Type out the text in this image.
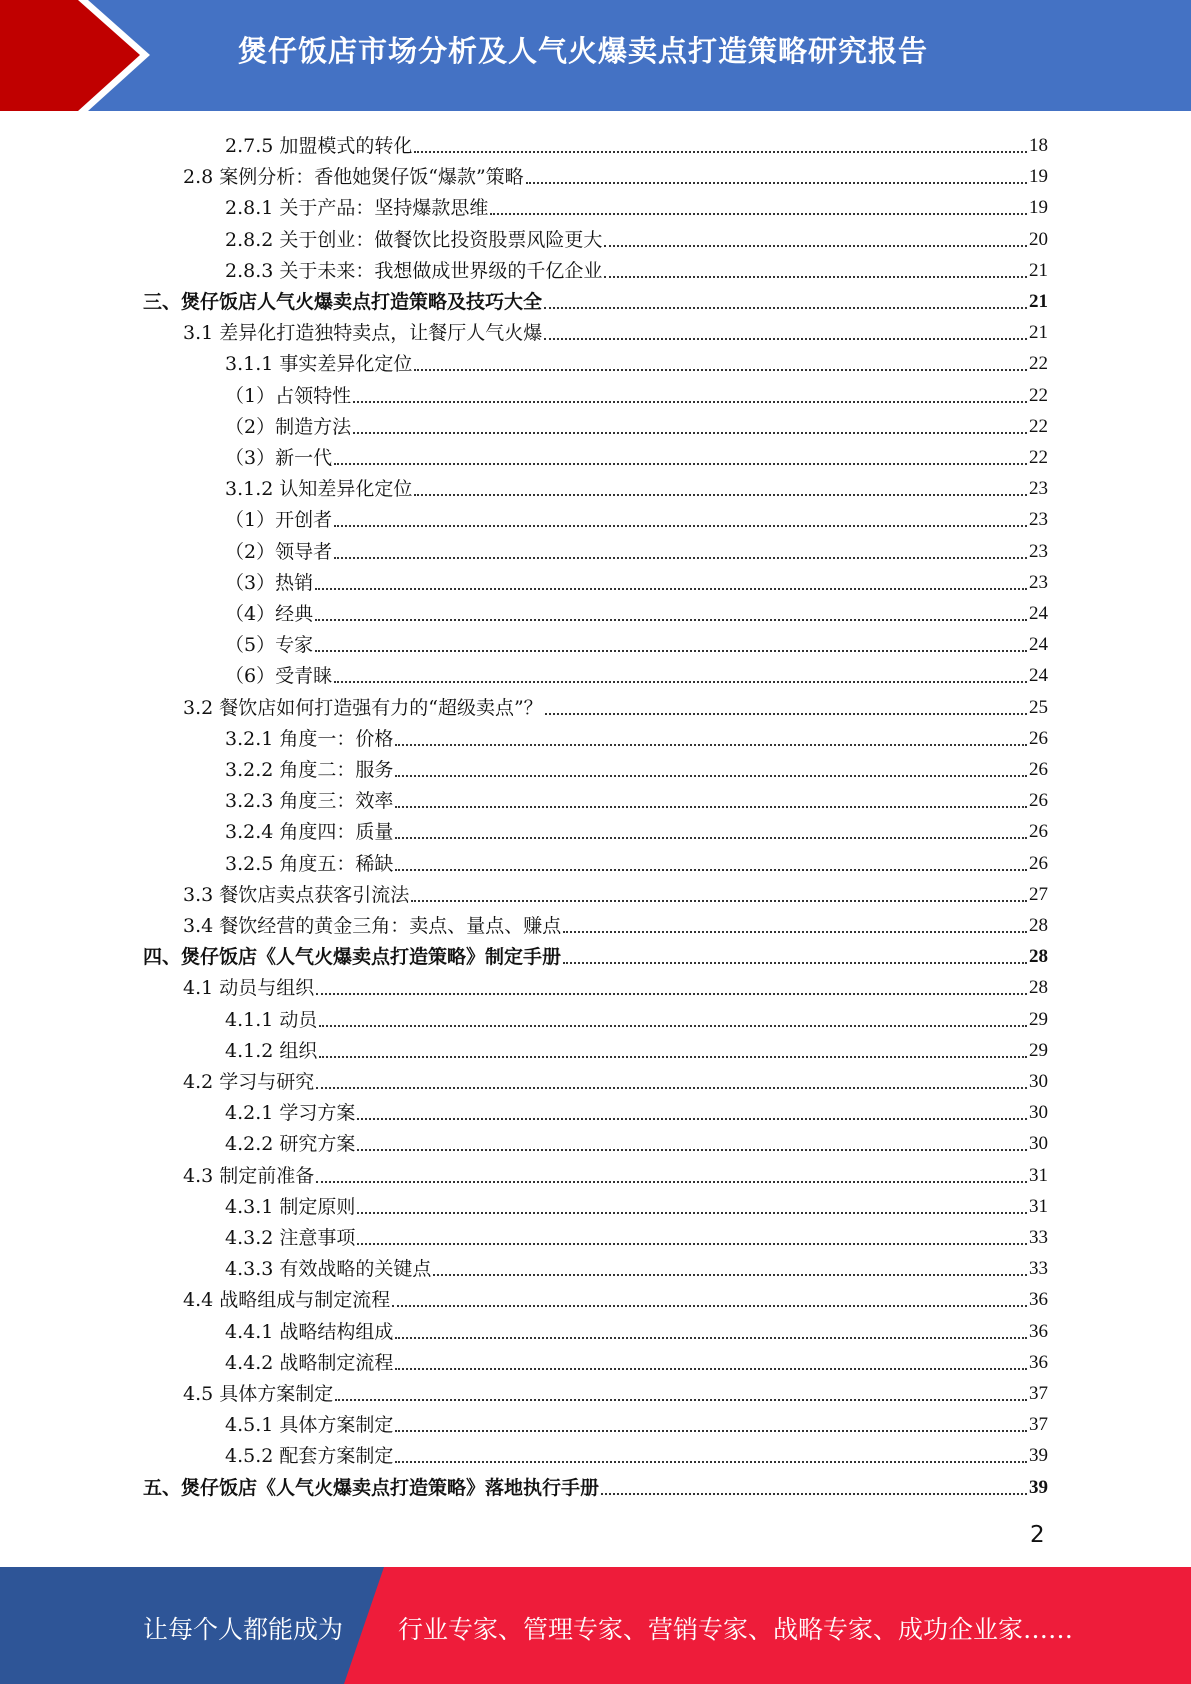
煲仔饭店市场分析及人气火爆卖点打造策略研究报告
2.7.5 加盟模式的转化	18
2.8 案例分析：香他她煲仔饭“爆款”策略	19
2.8.1 关于产品：坚持爆款思维	19
2.8.2 关于创业：做餐饮比投资股票风险更大	20
2.8.3 关于未来：我想做成世界级的千亿企业	21
三、煲仔饭店人气火爆卖点打造策略及技巧大全	21
3.1 差异化打造独特卖点，让餐厅人气火爆	21
3.1.1 事实差异化定位	22
（1）占领特性	22
（2）制造方法	22
（3）新一代	22
3.1.2 认知差异化定位	23
（1）开创者	23
（2）领导者	23
（3）热销	23
（4）经典	24
（5）专家	24
（6）受青睐	24
3.2 餐饮店如何打造强有力的“超级卖点”？	25
3.2.1 角度一：价格	26
3.2.2 角度二：服务	26
3.2.3 角度三：效率	26
3.2.4 角度四：质量	26
3.2.5 角度五：稀缺	26
3.3 餐饮店卖点获客引流法	27
3.4 餐饮经营的黄金三角：卖点、量点、赚点	28
四、煲仔饭店《人气火爆卖点打造策略》制定手册	28
4.1 动员与组织	28
4.1.1 动员	29
4.1.2 组织	29
4.2 学习与研究	30
4.2.1 学习方案	30
4.2.2 研究方案	30
4.3 制定前准备	31
4.3.1 制定原则	31
4.3.2 注意事项	33
4.3.3 有效战略的关键点	33
4.4 战略组成与制定流程	36
4.4.1 战略结构组成	36
4.4.2 战略制定流程	36
4.5 具体方案制定	37
4.5.1 具体方案制定	37
4.5.2 配套方案制定	39
五、煲仔饭店《人气火爆卖点打造策略》落地执行手册	39
2
让每个人都能成为 行业专家、管理专家、营销专家、战略专家、成功企业家……
